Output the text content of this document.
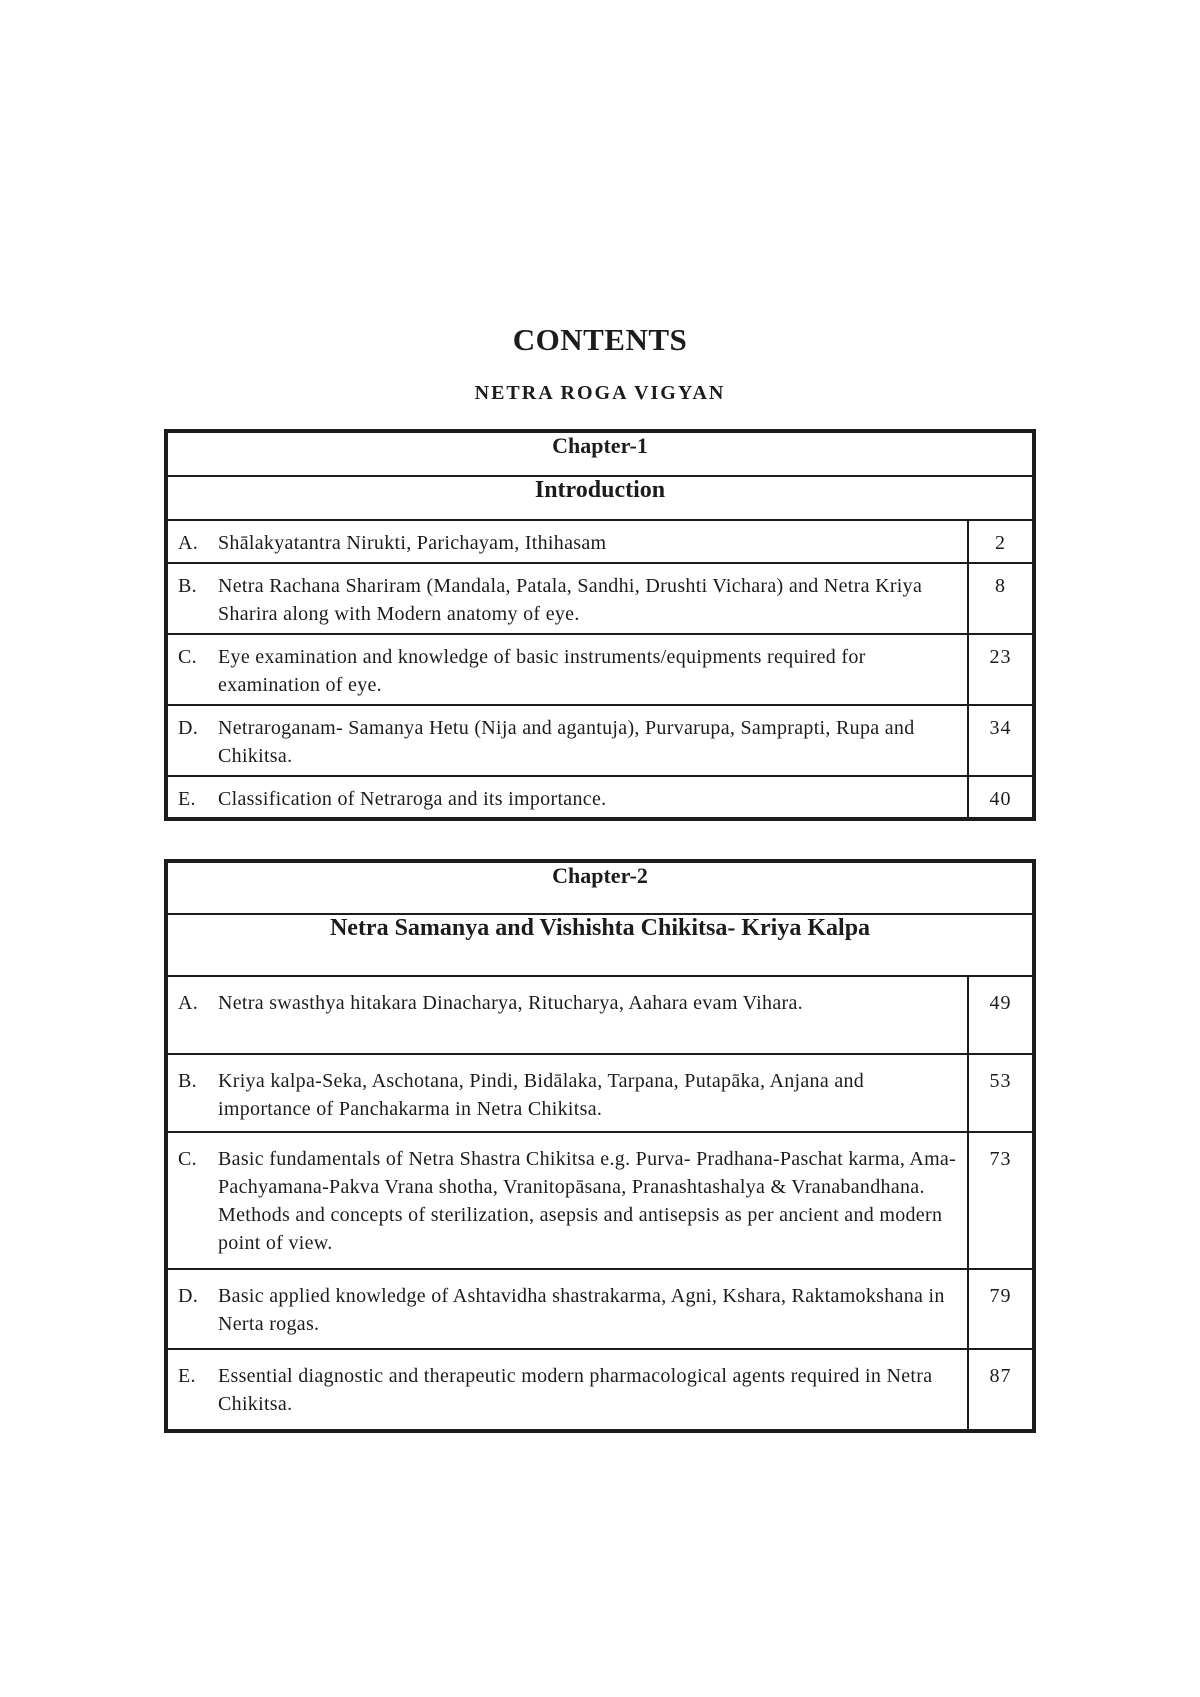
CONTENTS
NETRA ROGA VIGYAN
Chapter-1	
Introduction	

A. Shālakyatantra Nirukti, Parichayam, Ithihasam	2

B. Netra Rachana Shariram (Mandala, Patala, Sandhi, Drushti Vichara) and Netra Kriya Sharira along with Modern anatomy of eye.	8

C. Eye examination and knowledge of basic instruments/equipments required for examination of eye.	23

D. Netraroganam- Samanya Hetu (Nija and agantuja), Purvarupa, Samprapti, Rupa and Chikitsa.	34

E. Classification of Netraroga and its importance.	40
Chapter-2	
Netra Samanya and Vishishta Chikitsa- Kriya Kalpa	

A. Netra swasthya hitakara Dinacharya, Ritucharya, Aahara evam Vihara.	49

B. Kriya kalpa-Seka, Aschotana, Pindi, Bidālaka, Tarpana, Putapāka, Anjana and importance of Panchakarma in Netra Chikitsa.	53

C. Basic fundamentals of Netra Shastra Chikitsa e.g. Purva- Pradhana-Paschat karma, Ama-Pachyamana-Pakva Vrana shotha, Vranitopāsana, Pranashtashalya & Vranabandhana. Methods and concepts of sterilization, asepsis and antisepsis as per ancient and modern point of view.	73

D. Basic applied knowledge of Ashtavidha shastrakarma, Agni, Kshara, Raktamokshana in Nerta rogas.	79

E. Essential diagnostic and therapeutic modern pharmacological agents required in Netra Chikitsa.	87
